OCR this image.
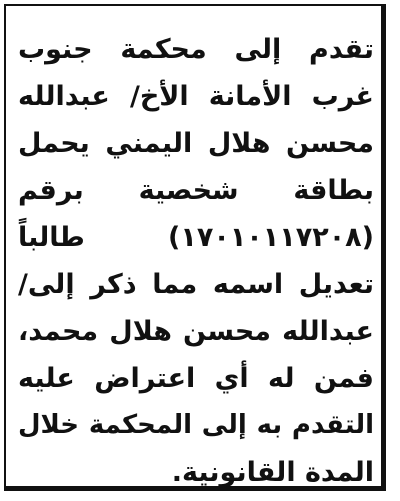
تقدم إلى محكمة جنوب
غرب الأمانة الأخ/ عبدالله
محسن هلال اليمني يحمل
بطاقة شخصية برقم
(١٧٠١٠١١٧٢٠٨) طالباً
تعديل اسمه مما ذكر إلى/
عبدالله محسن هلال محمد،
فمن له أي اعتراض عليه
التقدم به إلى المحكمة خلال
المدة القانونية.
